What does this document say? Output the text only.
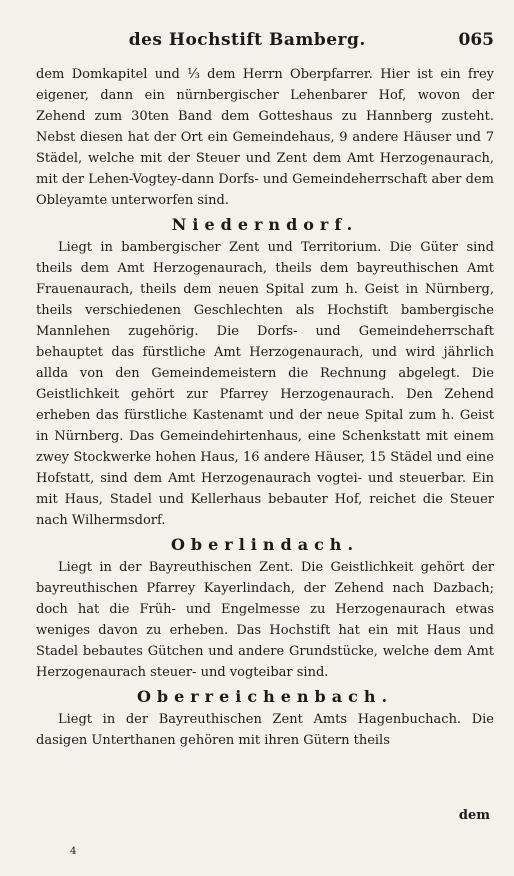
des Hochstift Bamberg.	065

dem Domkapitel und ⅓ dem Herrn Oberpfarrer. Hier ist ein frey eigener, dann ein nürnbergischer Lehenbarer Hof, wovon der Zehend zum 30ten Band dem Gotteshaus zu Hannberg zusteht. Nebst diesen hat der Ort ein Gemeindehaus, 9 andere Häuser und 7 Städel, welche mit der Steuer und Zent dem Amt Herzogenaurach, mit der Lehen-Vogtey-dann Dorfs- und Gemeindeherrschaft aber dem Obleyamte unterworfen sind.

Niederndorf.

Liegt in bambergischer Zent und Territorium. Die Güter sind theils dem Amt Herzogenaurach, theils dem bayreuthischen Amt Frauenaurach, theils dem neuen Spital zum h. Geist in Nürnberg, theils verschiedenen Geschlechten als Hochstift bambergische Mannlehen zugehörig. Die Dorfs- und Gemeindeherrschaft behauptet das fürstliche Amt Herzogenaurach, und wird jährlich allda von den Gemeindemeistern die Rechnung abgelegt. Die Geistlichkeit gehört zur Pfarrey Herzogenaurach. Den Zehend erheben das fürstliche Kastenamt und der neue Spital zum h. Geist in Nürnberg. Das Gemeindehirtenhaus, eine Schenkstatt mit einem zwey Stockwerke hohen Haus, 16 andere Häuser, 15 Städel und eine Hofstatt, sind dem Amt Herzogenaurach vogtei- und steuerbar. Ein mit Haus, Stadel und Kellerhaus bebauter Hof, reichet die Steuer nach Wilhermsdorf.

Oberlindach.

Liegt in der Bayreuthischen Zent. Die Geistlichkeit gehört der bayreuthischen Pfarrey Kayerlindach, der Zehend nach Dazbach; doch hat die Früh- und Engelmesse zu Herzogenaurach etwas weniges davon zu erheben. Das Hochstift hat ein mit Haus und Stadel bebautes Gütchen und andere Grundstücke, welche dem Amt Herzogenaurach steuer- und vogteibar sind.

Oberreichenbach.

Liegt in der Bayreuthischen Zent Amts Hagenbuchach. Die dasigen Unterthanen gehören mit ihren Gütern theils

dem
4
